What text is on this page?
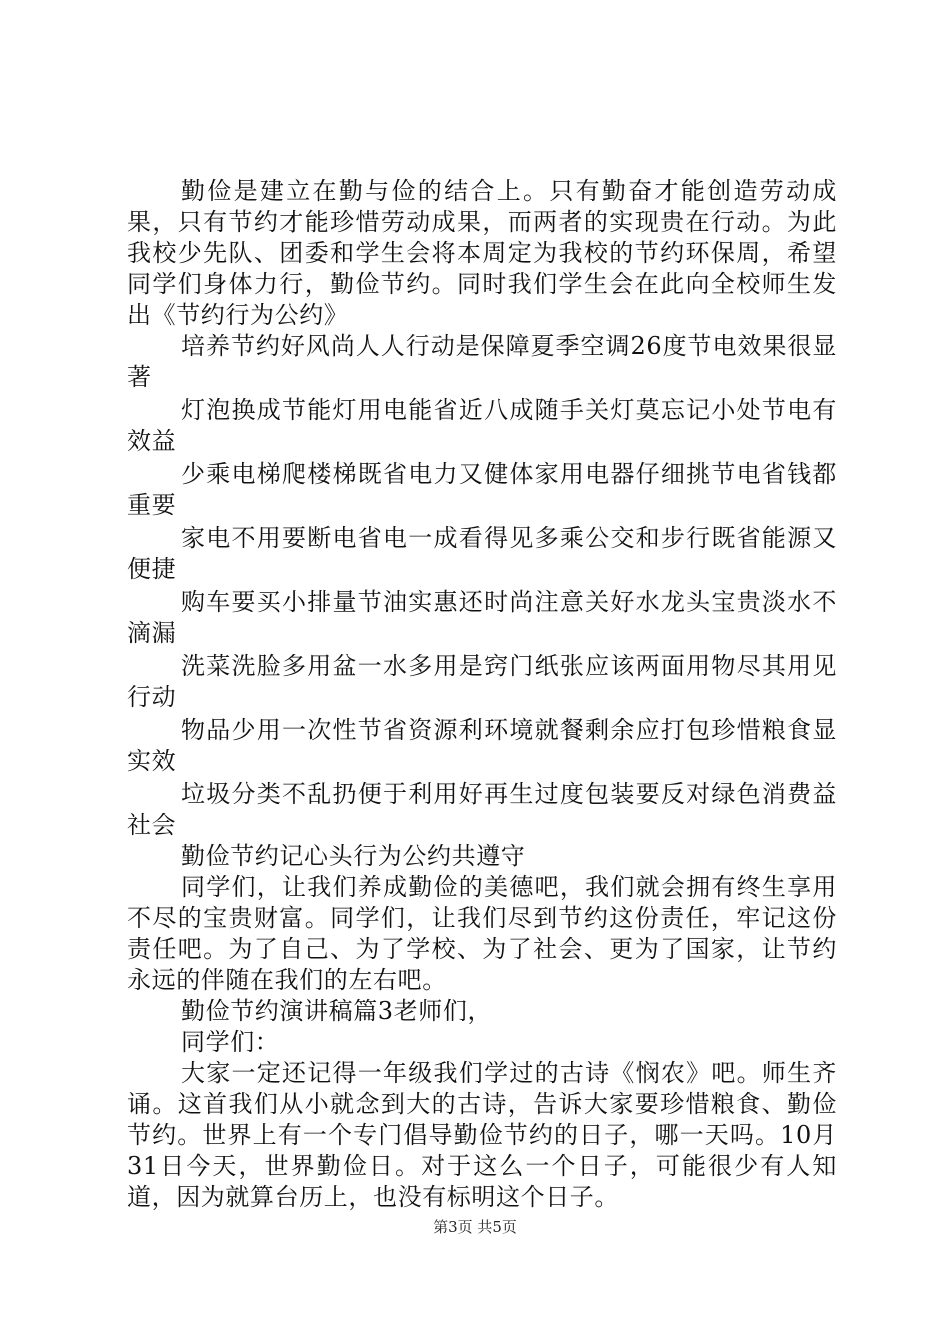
勤俭是建立在勤与俭的结合上。只有勤奋才能创造劳动成果，只有节约才能珍惜劳动成果，而两者的实现贵在行动。为此我校少先队、团委和学生会将本周定为我校的节约环保周，希望同学们身体力行，勤俭节约。同时我们学生会在此向全校师生发出《节约行为公约》

培养节约好风尚人人行动是保障夏季空调26度节电效果很显著

灯泡换成节能灯用电能省近八成随手关灯莫忘记小处节电有效益

少乘电梯爬楼梯既省电力又健体家用电器仔细挑节电省钱都重要

家电不用要断电省电一成看得见多乘公交和步行既省能源又便捷

购车要买小排量节油实惠还时尚注意关好水龙头宝贵淡水不滴漏

洗菜洗脸多用盆一水多用是窍门纸张应该两面用物尽其用见行动

物品少用一次性节省资源利环境就餐剩余应打包珍惜粮食显实效

垃圾分类不乱扔便于利用好再生过度包装要反对绿色消费益社会

勤俭节约记心头行为公约共遵守

同学们，让我们养成勤俭的美德吧，我们就会拥有终生享用不尽的宝贵财富。同学们，让我们尽到节约这份责任，牢记这份责任吧。为了自己、为了学校、为了社会、更为了国家，让节约永远的伴随在我们的左右吧。

勤俭节约演讲稿篇3老师们，

同学们：

大家一定还记得一年级我们学过的古诗《悯农》吧。师生齐诵。这首我们从小就念到大的古诗，告诉大家要珍惜粮食、勤俭节约。世界上有一个专门倡导勤俭节约的日子，哪一天吗。10月31日今天，世界勤俭日。对于这么一个日子，可能很少有人知道，因为就算台历上，也没有标明这个日子。

第3页 共5页
